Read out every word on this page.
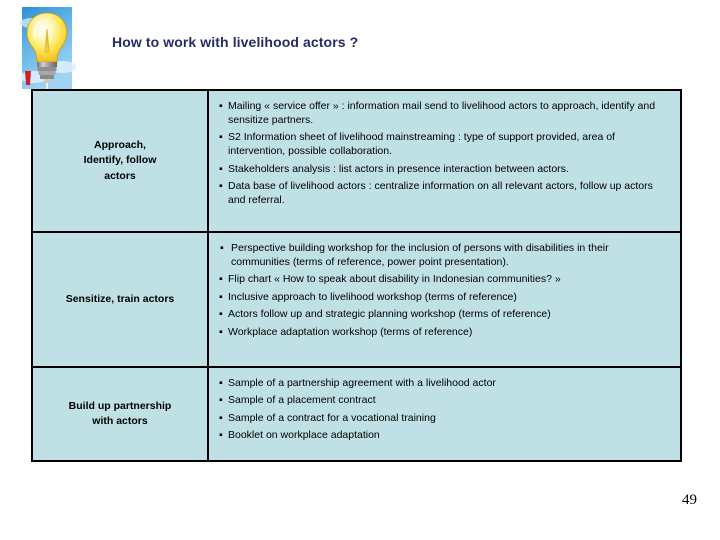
How to work with livelihood actors ?
Approach,
Identify, follow
actors

▪ Mailing « service offer » : information mail send to livelihood actors to approach, identify and sensitize partners.
▪ S2 Information sheet of livelihood mainstreaming : type of support provided, area of intervention, possible collaboration.
▪ Stakeholders analysis : list actors in presence interaction between actors.
▪ Data base of livelihood actors : centralize information on all relevant actors, follow up actors and referral.

Sensitize, train actors

▪ Perspective building workshop for the inclusion of persons with disabilities in their communities (terms of reference, power point presentation).
▪ Flip chart « How to speak about disability in Indonesian communities? »
▪ Inclusive approach to livelihood workshop (terms of reference)
▪ Actors follow up and strategic planning workshop (terms of reference)
▪ Workplace adaptation workshop (terms of reference)

Build up partnership
with actors

▪ Sample of a partnership agreement with a livelihood actor
▪ Sample of a placement contract
▪ Sample of a contract for a vocational training
▪ Booklet on workplace adaptation
49
